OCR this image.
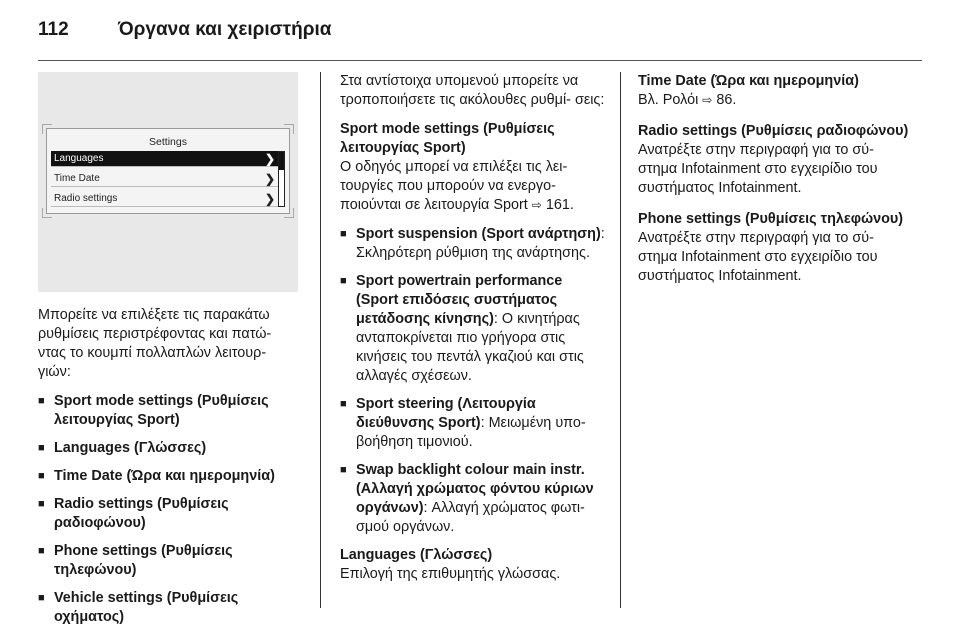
112	Όργανα και χειριστήρια
Settings
Languages	❯
Time Date	❯
Radio settings	❯

Μπορείτε να επιλέξετε τις παρακάτω ρυθμίσεις περιστρέφοντας και πατώ- ντας το κουμπί πολλαπλών λειτουρ- γιών:

■ Sport mode settings (Ρυθμίσεις λειτουργίας Sport)
■ Languages (Γλώσσες)
■ Time Date (Ώρα και ημερομηνία)
■ Radio settings (Ρυθμίσεις ραδιοφώνου)
■ Phone settings (Ρυθμίσεις τηλεφώνου)
■ Vehicle settings (Ρυθμίσεις οχήματος)

Στα αντίστοιχα υπομενού μπορείτε να τροποποιήσετε τις ακόλουθες ρυθμί- σεις:

Sport mode settings (Ρυθμίσεις λειτουργίας Sport)

Ο οδηγός μπορεί να επιλέξει τις λει- τουργίες που μπορούν να ενεργο- ποιούνται σε λειτουργία Sport ⇨ 161.

■ Sport suspension (Sport ανάρτηση): Σκληρότερη ρύθμιση της ανάρτησης.
■ Sport powertrain performance (Sport επιδόσεις συστήματος μετάδοσης κίνησης): Ο κινητήρας ανταποκρίνεται πιο γρήγορα στις κινήσεις του πεντάλ γκαζιού και στις αλλαγές σχέσεων.
■ Sport steering (Λειτουργία διεύθυνσης Sport): Μειωμένη υπο- βοήθηση τιμονιού.
■ Swap backlight colour main instr. (Αλλαγή χρώματος φόντου κύριων οργάνων): Αλλαγή χρώματος φωτι- σμού οργάνων.
Languages (Γλώσσες)

Επιλογή της επιθυμητής γλώσσας.

Time Date (Ώρα και ημερομηνία)

Βλ. Ρολόι ⇨ 86.

Radio settings (Ρυθμίσεις ραδιοφώνου)

Ανατρέξτε στην περιγραφή για το σύ- στημα Infotainment στο εγχειρίδιο του συστήματος Infotainment.

Phone settings (Ρυθμίσεις τηλεφώνου)

Ανατρέξτε στην περιγραφή για το σύ- στημα Infotainment στο εγχειρίδιο του συστήματος Infotainment.
